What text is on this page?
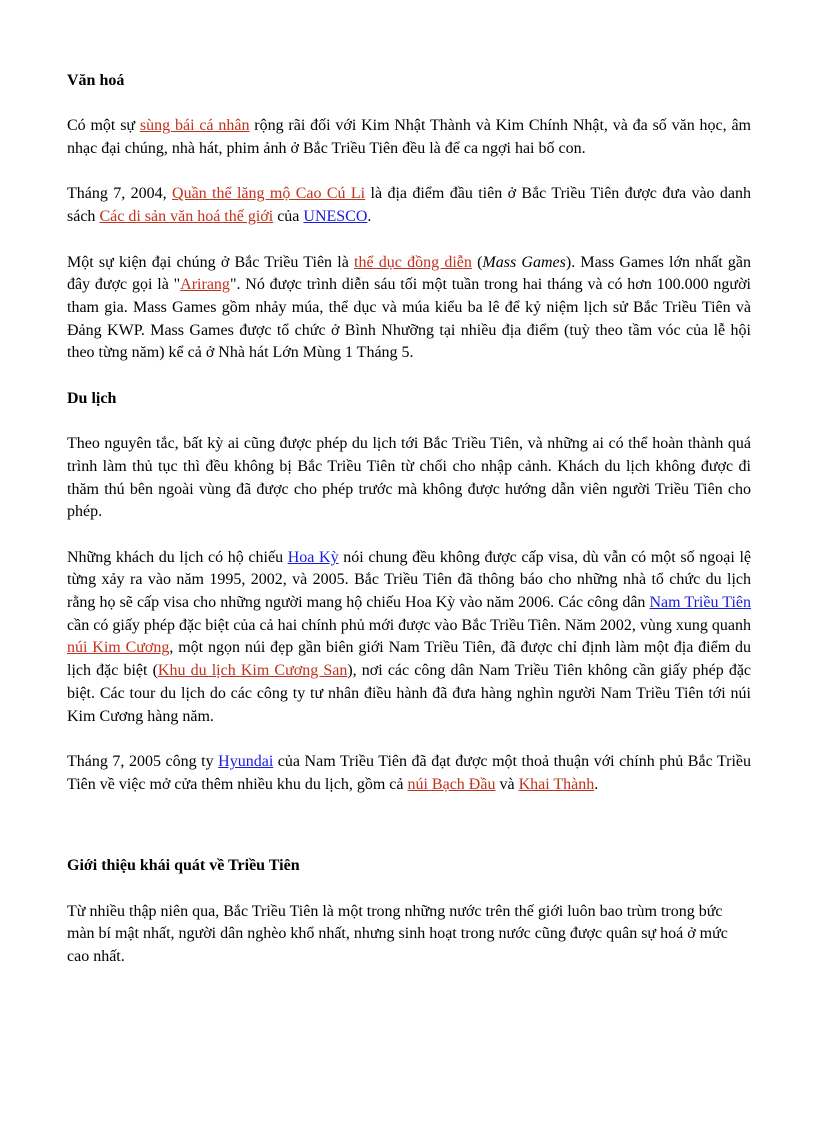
Văn hoá

Có một sự sùng bái cá nhân rộng rãi đối với Kim Nhật Thành và Kim Chính Nhật, và đa số văn học, âm nhạc đại chúng, nhà hát, phim ảnh ở Bắc Triều Tiên đều là để ca ngợi hai bố con.

Tháng 7, 2004, Quần thể lăng mộ Cao Cú Li là địa điểm đầu tiên ở Bắc Triều Tiên được đưa vào danh sách Các di sản văn hoá thế giới của UNESCO.

Một sự kiện đại chúng ở Bắc Triều Tiên là thể dục đồng diễn (Mass Games). Mass Games lớn nhất gần đây được gọi là "Arirang". Nó được trình diễn sáu tối một tuần trong hai tháng và có hơn 100.000 người tham gia. Mass Games gồm nhảy múa, thể dục và múa kiểu ba lê để kỷ niệm lịch sử Bắc Triều Tiên và Đảng KWP. Mass Games được tổ chức ở Bình Nhưỡng tại nhiều địa điểm (tuỳ theo tầm vóc của lễ hội theo từng năm) kể cả ở Nhà hát Lớn Mùng 1 Tháng 5.

Du lịch

Theo nguyên tắc, bất kỳ ai cũng được phép du lịch tới Bắc Triều Tiên, và những ai có thể hoàn thành quá trình làm thủ tục thì đều không bị Bắc Triều Tiên từ chối cho nhập cảnh. Khách du lịch không được đi thăm thú bên ngoài vùng đã được cho phép trước mà không được hướng dẫn viên người Triều Tiên cho phép.

Những khách du lịch có hộ chiếu Hoa Kỳ nói chung đều không được cấp visa, dù vẫn có một số ngoại lệ từng xảy ra vào năm 1995, 2002, và 2005. Bắc Triều Tiên đã thông báo cho những nhà tổ chức du lịch rằng họ sẽ cấp visa cho những người mang hộ chiếu Hoa Kỳ vào năm 2006. Các công dân Nam Triều Tiên cần có giấy phép đặc biệt của cả hai chính phủ mới được vào Bắc Triều Tiên. Năm 2002, vùng xung quanh núi Kim Cương, một ngọn núi đẹp gần biên giới Nam Triều Tiên, đã được chỉ định làm một địa điểm du lịch đặc biệt (Khu du lịch Kim Cương San), nơi các công dân Nam Triều Tiên không cần giấy phép đặc biệt. Các tour du lịch do các công ty tư nhân điều hành đã đưa hàng nghìn người Nam Triều Tiên tới núi Kim Cương hàng năm.

Tháng 7, 2005 công ty Hyundai của Nam Triều Tiên đã đạt được một thoả thuận với chính phủ Bắc Triều Tiên về việc mở cửa thêm nhiều khu du lịch, gồm cả núi Bạch Đầu và Khai Thành.

Giới thiệu khái quát về Triều Tiên

Từ nhiều thập niên qua, Bắc Triều Tiên là một trong những nước trên thế giới luôn bao trùm trong bức màn bí mật nhất, người dân nghèo khổ nhất, nhưng sinh hoạt trong nước cũng được quân sự hoá ở mức cao nhất.
